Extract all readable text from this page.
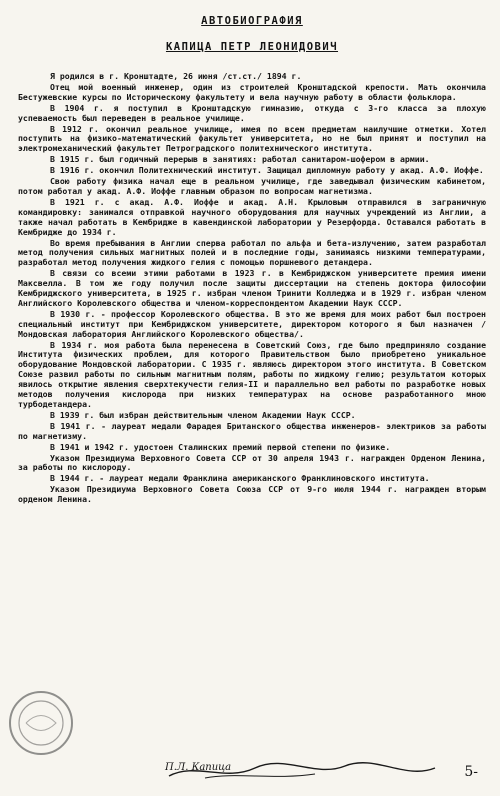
АВТОБИОГРАФИЯ
КАПИЦА ПЕТР ЛЕОНИДОВИЧ
Я родился в г. Кронштадте, 26 июня /ст.ст./ 1894 г.
Отец мой военный инженер, один из строителей Кронштадской крепости. Мать окончила Бестужевские курсы по Историческому факультету и вела научную работу в области фольклора.
В 1904 г. я поступил в Кронштадскую гимназию, откуда с 3-го класса за плохую успеваемость был переведен в реальное училище.
В 1912 г. окончил реальное училище, имея по всем предметам наилучшие отметки. Хотел поступить на физико-математический факультет университета, но не был принят и поступил на электромеханический факультет Петроградского политехнического института.
В 1915 г. был годичный перерыв в занятиях: работал санитаром-шофером в армии.
В 1916 г. окончил Политехнический институт. Защищал дипломную работу у акад. А.Ф. Иоффе.
Свою работу физика начал еще в реальном училище, где заведывал физическим кабинетом, потом работал у акад. А.Ф. Иоффе главным образом по вопросам магнетизма.
В 1921 г. с акад. А.Ф. Иоффе и акад. А.Н. Крыловым отправился в заграничную командировку: занимался отправкой научного оборудования для научных учреждений из Англии, а также начал работать в Кембридже в кавендинской лаборатории у Резерфорда. Оставался работать в Кембридже до 1934 г.
Во время пребывания в Англии сперва работал по альфа и бета-излучению, затем разработал метод получения сильных магнитных полей и в последние годы, занимаясь низкими температурами, разработал метод получения жидкого гелия с помощью поршневого детандера.
В связи со всеми этими работами в 1923 г. в Кембриджском университете премия имени Максвелла. В том же году получил после защиты диссертации на степень доктора философии Кембриджского университета, в 1925 г. избран членом Тринити Колледжа и в 1929 г. избран членом Английского Королевского общества и членом-корреспондентом Академии Наук СССР.
В 1930 г. - профессор Королевского общества. В это же время для моих работ был построен специальный институт при Кембриджском университете, директором которого я был назначен /Мондовская лаборатория Английского Королевского общества/.
В 1934 г. моя работа была перенесена в Советский Союз, где было предприняло создание Института физических проблем, для которого Правительством было приобретено уникальное оборудование Мондовской лаборатории. С 1935 г. являюсь директором этого института. В Советском Союзе развил работы по сильным магнитным полям, работы по жидкому гелию; результатом которых явилось открытие явления сверхтекучести гелия-II и параллельно вел работы по разработке новых методов получения кислорода при низких температурах на основе разработанного мною турбодетандера.
В 1939 г. был избран действительным членом Академии Наук СССР.
В 1941 г. - лауреат медали Фарадея Британского общества инженеров- электриков за работы по магнетизму.
В 1941 и 1942 г. удостоен Сталинских премий первой степени по физике.
Указом Президиума Верховного Совета ССР от 30 апреля 1943 г. награжден Орденом Ленина, за работы по кислороду.
В 1944 г. - лауреат медали Франклина американского Франклиновского института.
Указом Президиума Верховного Совета Союза ССР от 9-го июля 1944 г. награжден вторым орденом Ленина.
П.Л. Капица	5-
